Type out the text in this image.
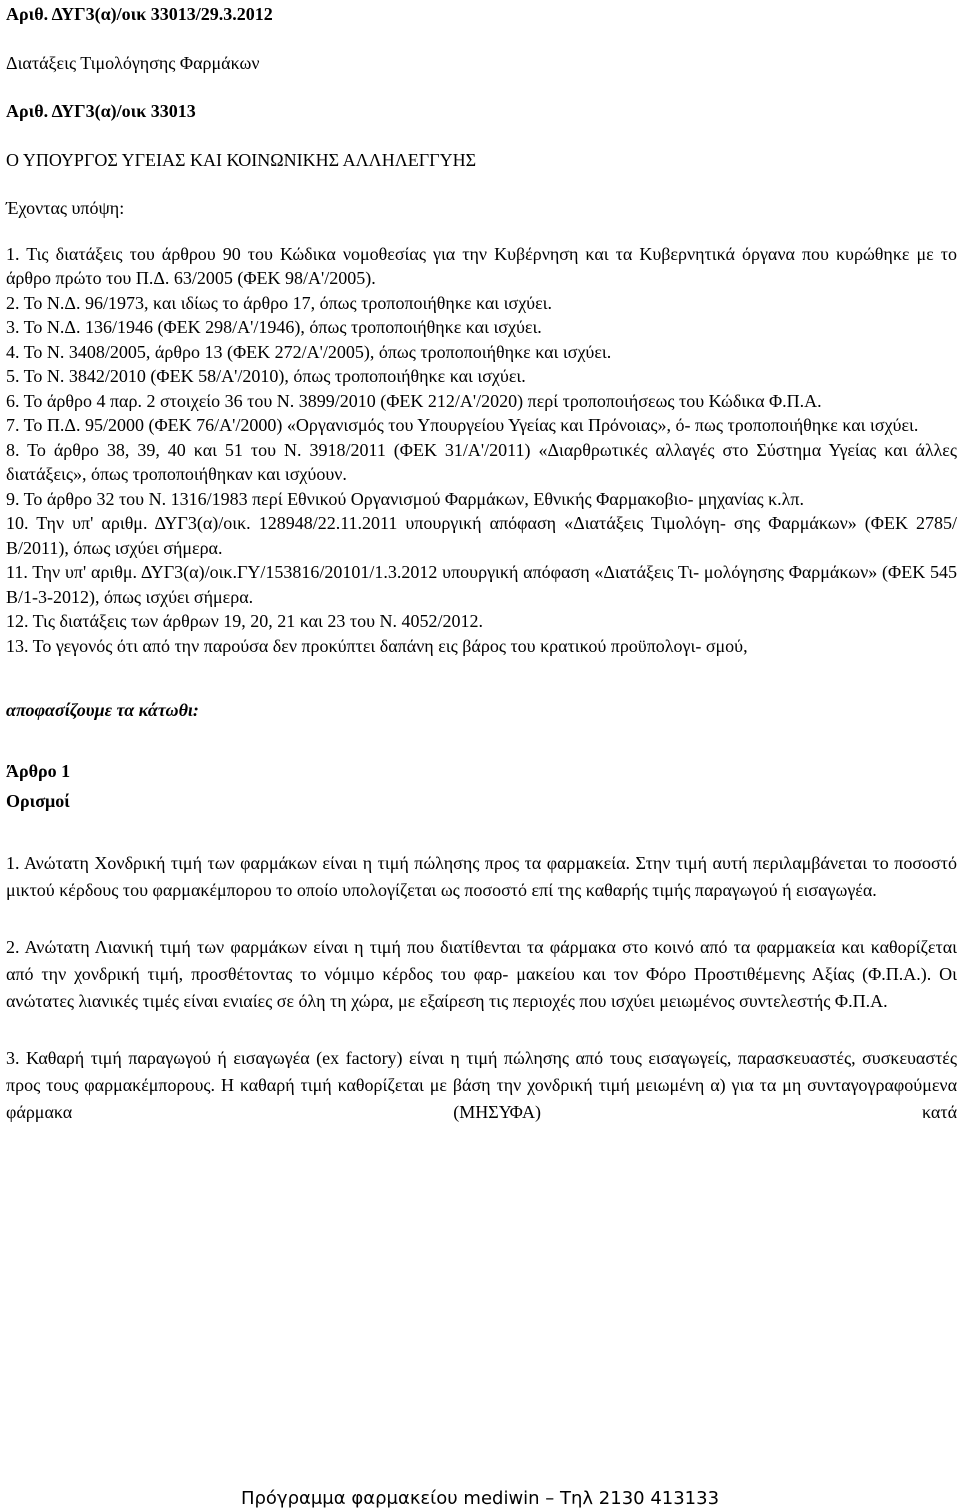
Αριθ. ΔΥΓ3(α)/οικ 33013/29.3.2012

Διατάξεις Τιμολόγησης Φαρμάκων

Αριθ. ΔΥΓ3(α)/οικ 33013

Ο ΥΠΟΥΡΓΟΣ ΥΓΕΙΑΣ ΚΑΙ ΚΟΙΝΩΝΙΚΗΣ ΑΛΛΗΛΕΓΓΥΗΣ

Έχοντας υπόψη:

1. Τις διατάξεις του άρθρου 90 του Κώδικα νομοθεσίας για την Κυβέρνηση και τα Κυβερνητικά όργανα που κυρώθηκε με το άρθρο πρώτο του Π.Δ. 63/2005 (ΦΕΚ 98/Α'/2005).

2. Το Ν.Δ. 96/1973, και ιδίως το άρθρο 17, όπως τροποποιήθηκε και ισχύει.

3. Το Ν.Δ. 136/1946 (ΦΕΚ 298/Α'/1946), όπως τροποποιήθηκε και ισχύει.

4. Το Ν. 3408/2005, άρθρο 13 (ΦΕΚ 272/Α'/2005), όπως τροποποιήθηκε και ισχύει.

5. Το Ν. 3842/2010 (ΦΕΚ 58/Α'/2010), όπως τροποποιήθηκε και ισχύει.

6. Το άρθρο 4 παρ. 2 στοιχείο 36 του Ν. 3899/2010 (ΦΕΚ 212/Α'/2020) περί τροποποιήσεως του Κώδικα Φ.Π.Α.

7. Το Π.Δ. 95/2000 (ΦΕΚ 76/Α'/2000) «Οργανισμός του Υπουργείου Υγείας και Πρόνοιας», ό- πως τροποποιήθηκε και ισχύει.

8. Το άρθρο 38, 39, 40 και 51 του Ν. 3918/2011 (ΦΕΚ 31/Α'/2011) «Διαρθρωτικές αλλαγές στο Σύστημα Υγείας και άλλες διατάξεις», όπως τροποποιήθηκαν και ισχύουν.

9. Το άρθρο 32 του Ν. 1316/1983 περί Εθνικού Οργανισμού Φαρμάκων, Εθνικής Φαρμακοβιο- μηχανίας κ.λπ.

10. Την υπ' αριθμ. ΔΥΓ3(α)/οικ. 128948/22.11.2011 υπουργική απόφαση «Διατάξεις Τιμολόγη- σης Φαρμάκων» (ΦΕΚ 2785/Β/2011), όπως ισχύει σήμερα.

11. Την υπ' αριθμ. ΔΥΓ3(α)/οικ.ΓΥ/153816/20101/1.3.2012 υπουργική απόφαση «Διατάξεις Τι- μολόγησης Φαρμάκων» (ΦΕΚ 545 Β/1-3-2012), όπως ισχύει σήμερα.

12. Τις διατάξεις των άρθρων 19, 20, 21 και 23 του Ν. 4052/2012.

13. Το γεγονός ότι από την παρούσα δεν προκύπτει δαπάνη εις βάρος του κρατικού προϋπολογι- σμού,

αποφασίζουμε τα κάτωθι:

Άρθρο 1

Ορισμοί

1. Ανώτατη Χονδρική τιμή των φαρμάκων είναι η τιμή πώλησης προς τα φαρμακεία. Στην τιμή αυτή περιλαμβάνεται το ποσοστό μικτού κέρδους του φαρμακέμπορου το οποίο υπολογίζεται ως ποσοστό επί της καθαρής τιμής παραγωγού ή εισαγωγέα.

2. Ανώτατη Λιανική τιμή των φαρμάκων είναι η τιμή που διατίθενται τα φάρμακα στο κοινό από τα φαρμακεία και καθορίζεται από την χονδρική τιμή, προσθέτοντας το νόμιμο κέρδος του φαρ- μακείου και τον Φόρο Προστιθέμενης Αξίας (Φ.Π.Α.). Οι ανώτατες λιανικές τιμές είναι ενιαίες σε όλη τη χώρα, με εξαίρεση τις περιοχές που ισχύει μειωμένος συντελεστής Φ.Π.Α.

3. Καθαρή τιμή παραγωγού ή εισαγωγέα (ex factory) είναι η τιμή πώλησης από τους εισαγωγείς, παρασκευαστές, συσκευαστές προς τους φαρμακέμπορους. Η καθαρή τιμή καθορίζεται με βάση την χονδρική τιμή μειωμένη α) για τα μη συνταγογραφούμενα φάρμακα (ΜΗΣΥΦΑ) κατά

Πρόγραμμα φαρμακείου mediwin – Τηλ 2130 413133
